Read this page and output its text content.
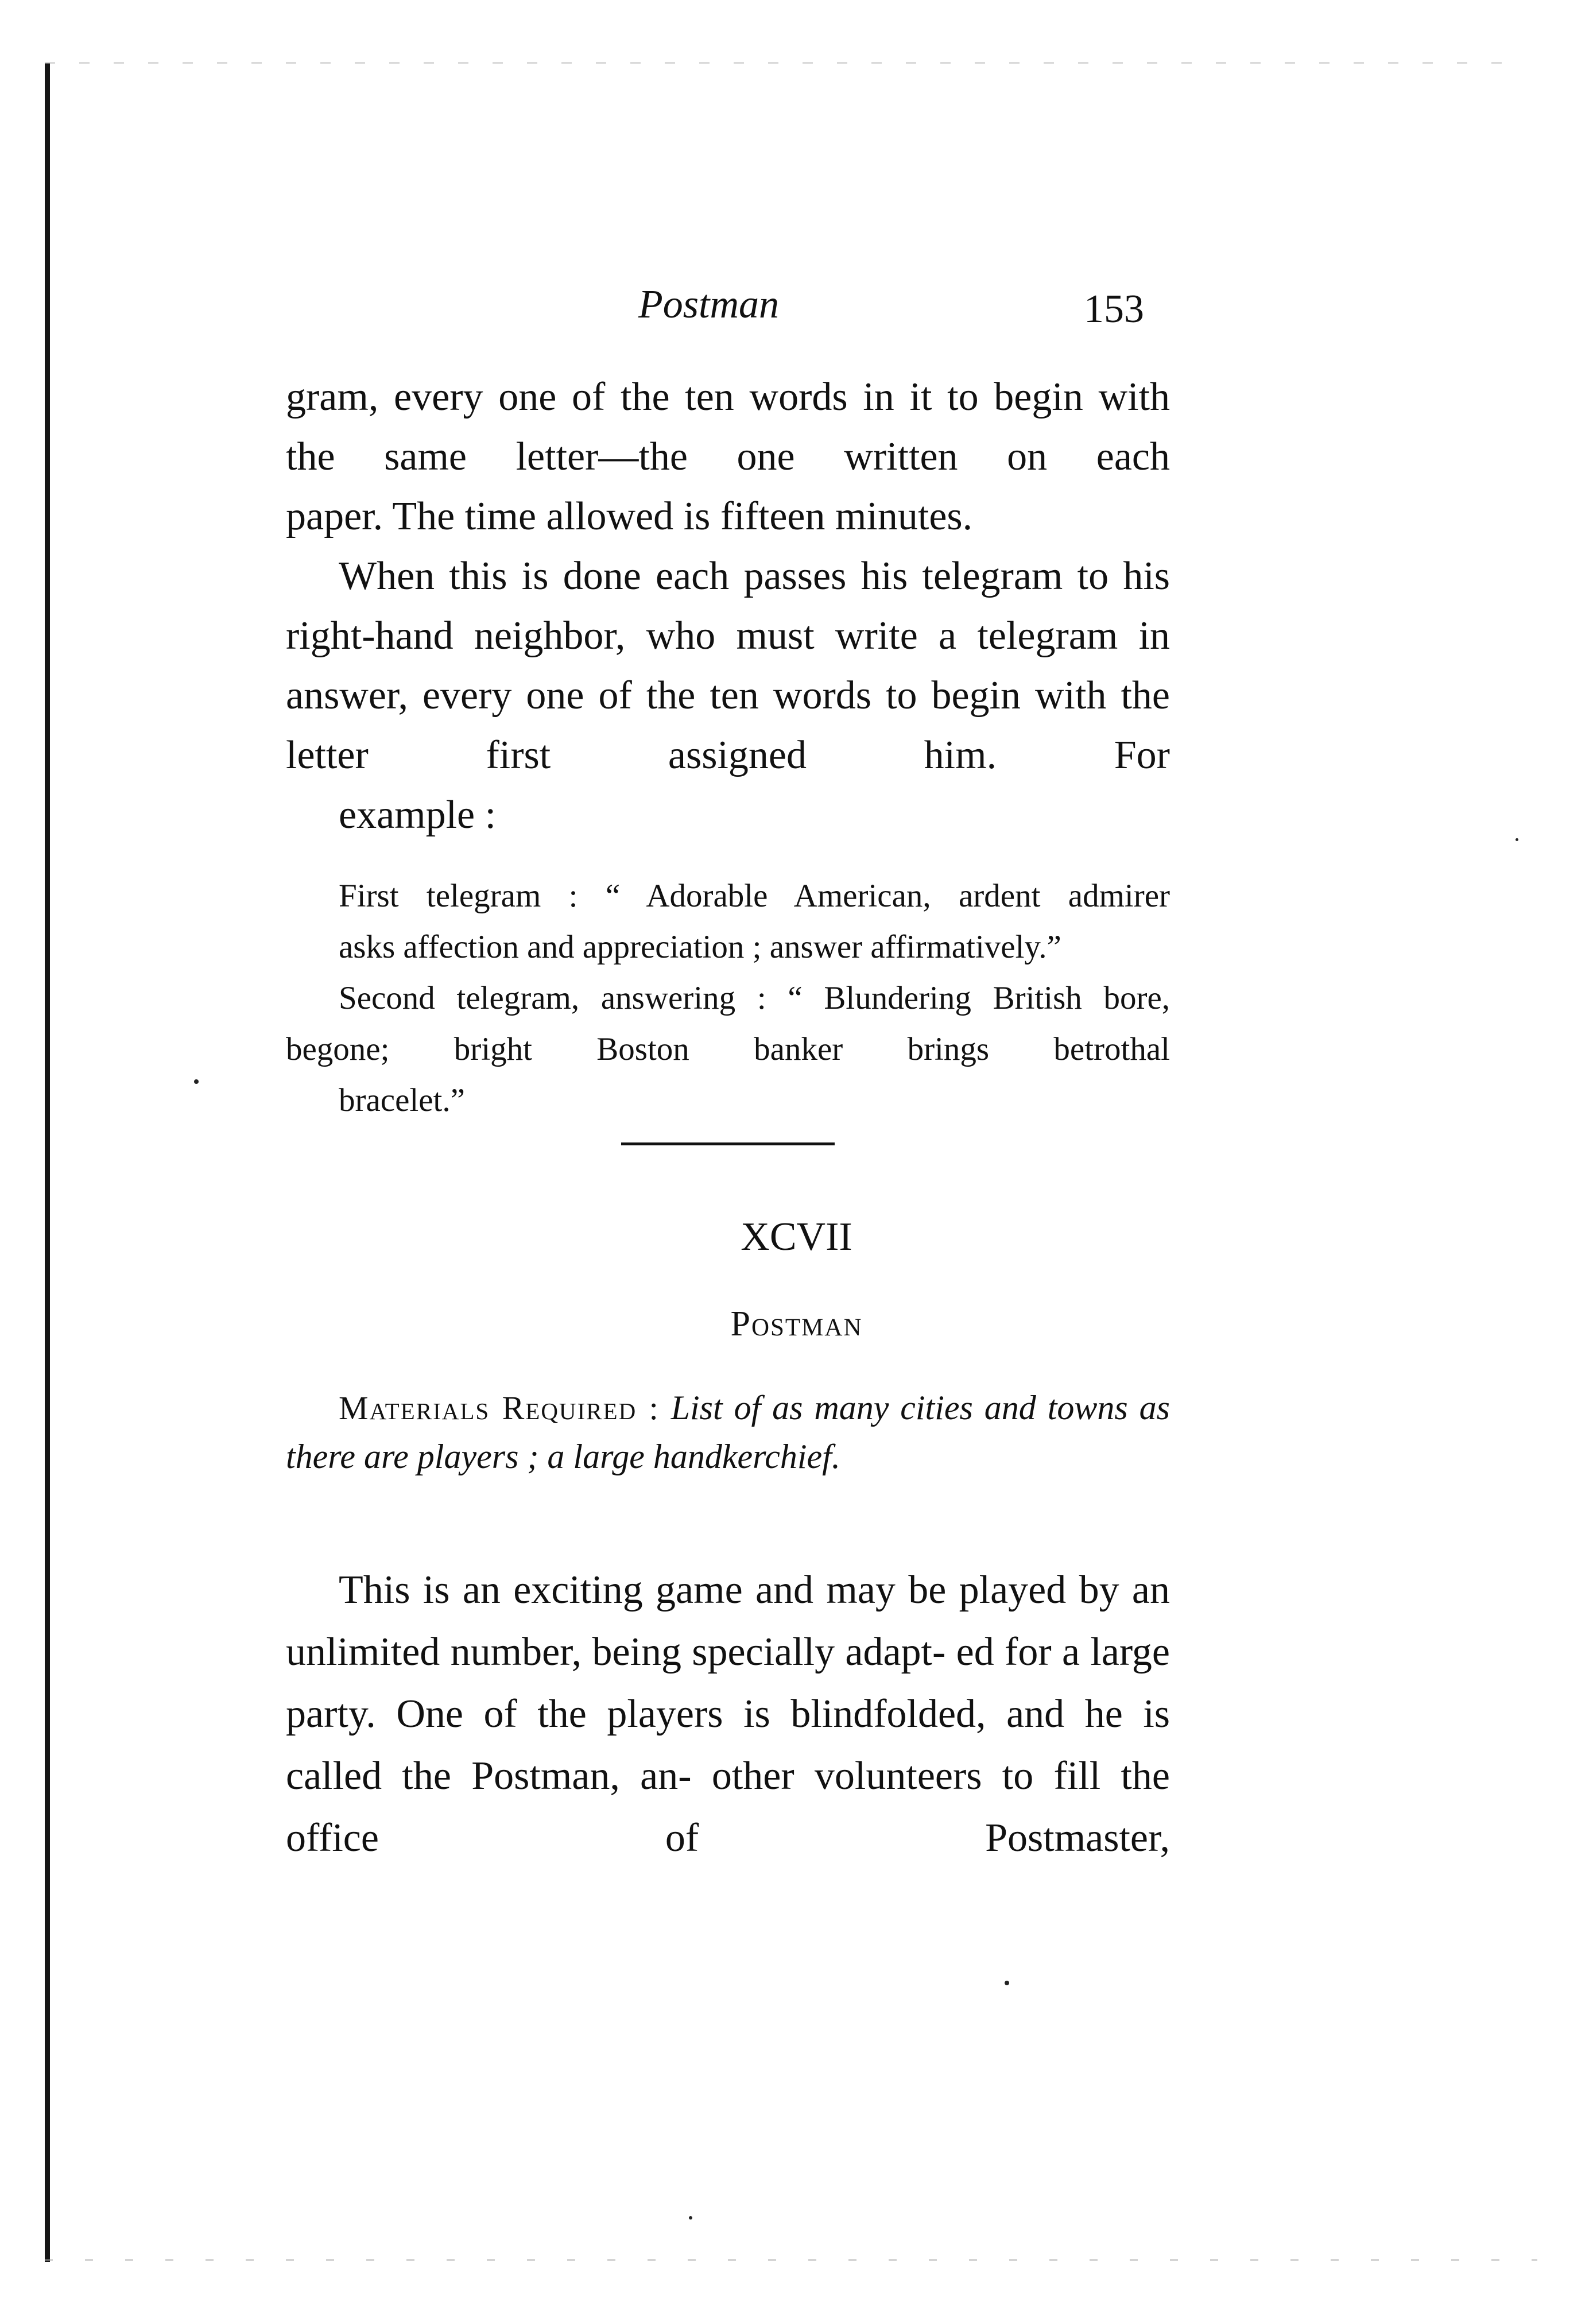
Postman	153

gram, every one of the ten words in it to begin with the same letter—the one written on each
paper. The time allowed is fifteen minutes.

When this is done each passes his telegram to his right-hand neighbor, who must write a telegram in answer, every one of the ten words to begin with the letter first assigned him. For
example :

First telegram : “ Adorable American, ardent admirer
asks affection and appreciation ; answer affirmatively.”

Second telegram, answering : “ Blundering British bore, begone; bright Boston banker brings betrothal
bracelet.”

XCVII
Postman

Materials Required : List of as many cities and towns as there are players ; a large handkerchief.

This is an exciting game and may be played by an unlimited number, being specially adapt- ed for a large party. One of the players is blindfolded, and he is called the Postman, an- other volunteers to fill the office of Postmaster,
